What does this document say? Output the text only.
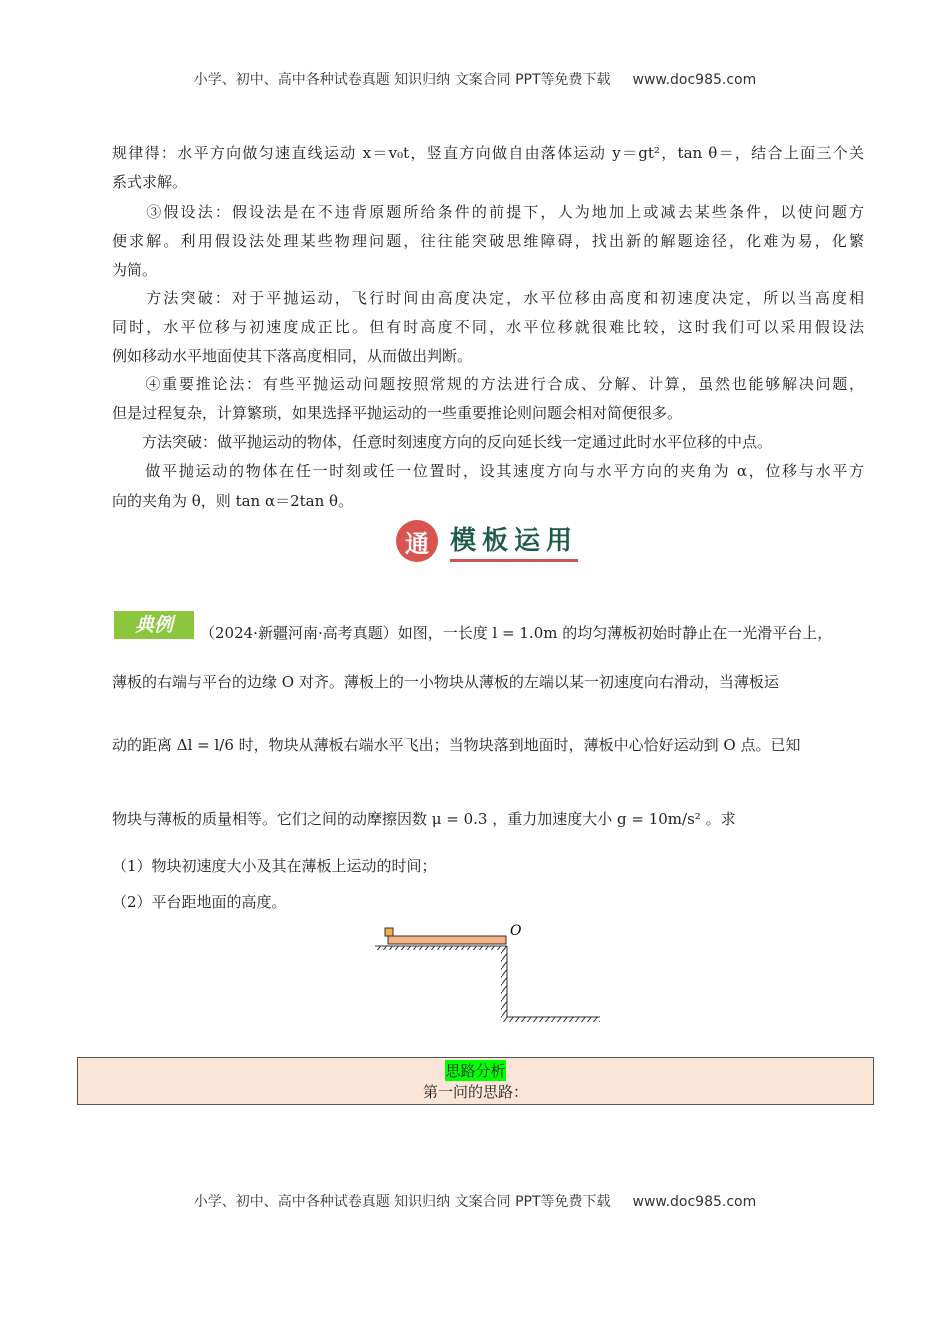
小学、初中、高中各种试卷真题 知识归纳 文案合同 PPT等免费下载 www.doc985.com
规律得：水平方向做匀速直线运动 x＝v₀t，竖直方向做自由落体运动 y＝gt²，tan θ＝，结合上面三个关
系式求解。
　　③假设法：假设法是在不违背原题所给条件的前提下，人为地加上或减去某些条件，以使问题方
便求解。利用假设法处理某些物理问题，往往能突破思维障碍，找出新的解题途径，化难为易，化繁
为简。
　　方法突破：对于平抛运动，飞行时间由高度决定，水平位移由高度和初速度决定，所以当高度相
同时，水平位移与初速度成正比。但有时高度不同，水平位移就很难比较，这时我们可以采用假设法
例如移动水平地面使其下落高度相同，从而做出判断。
　　④重要推论法：有些平抛运动问题按照常规的方法进行合成、分解、计算，虽然也能够解决问题，
但是过程复杂，计算繁琐，如果选择平抛运动的一些重要推论则问题会相对简便很多。
　　方法突破：做平抛运动的物体，任意时刻速度方向的反向延长线一定通过此时水平位移的中点。
　　做平抛运动的物体在任一时刻或任一位置时，设其速度方向与水平方向的夹角为 α，位移与水平方
向的夹角为 θ，则 tan α＝2tan θ。
通 模板运用
典例	（2024·新疆河南·高考真题）如图，一长度 l = 1.0m 的均匀薄板初始时静止在一光滑平台上，
薄板的右端与平台的边缘 O 对齐。薄板上的一小物块从薄板的左端以某一初速度向右滑动，当薄板运
动的距离 Δl = l/6 时，物块从薄板右端水平飞出；当物块落到地面时，薄板中心恰好运动到 O 点。已知
物块与薄板的质量相等。它们之间的动摩擦因数 μ = 0.3 ，重力加速度大小 g = 10m/s² 。求
（1）物块初速度大小及其在薄板上运动的时间；
（2）平台距地面的高度。
O
思路分析
第一问的思路：
小学、初中、高中各种试卷真题 知识归纳 文案合同 PPT等免费下载 www.doc985.com
